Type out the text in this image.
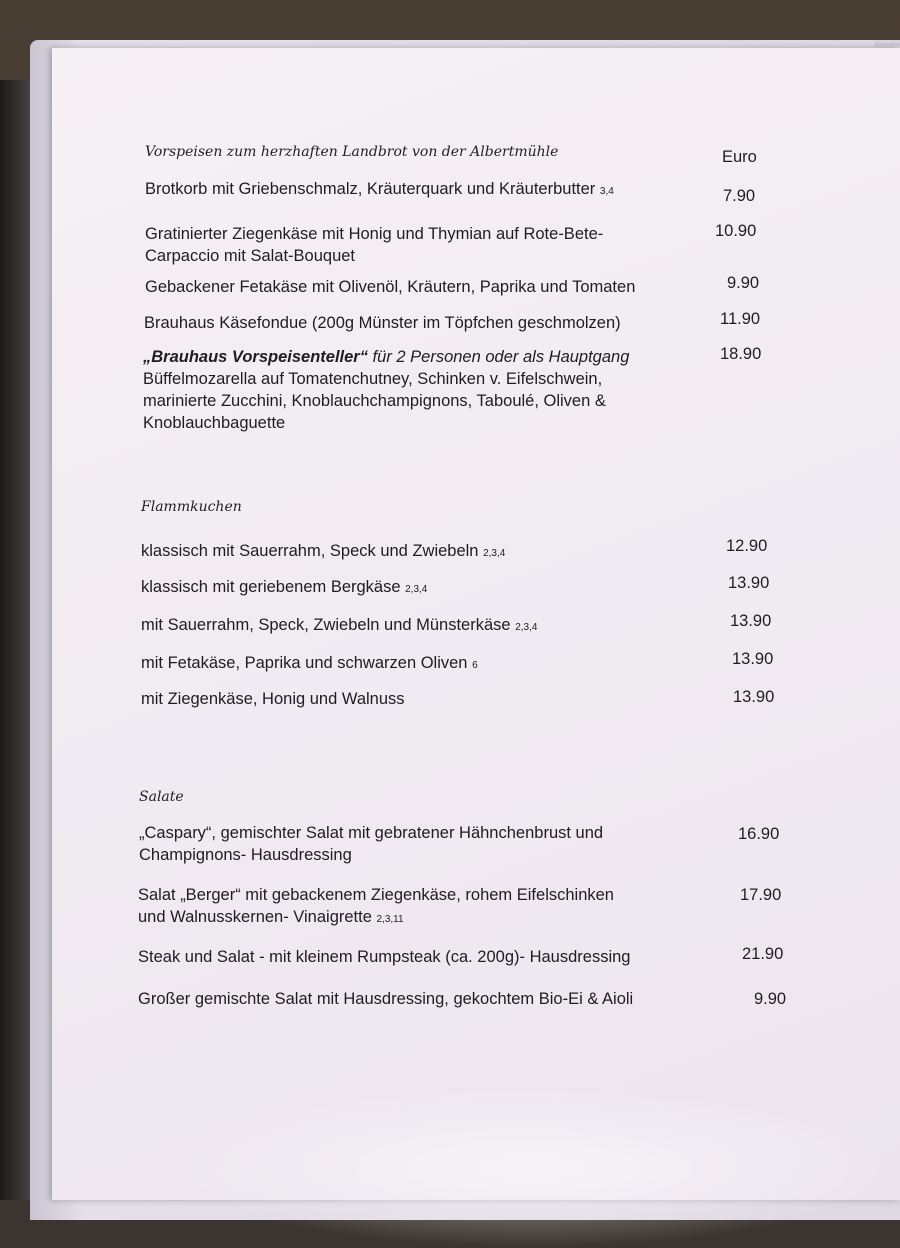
Vorspeisen zum herzhaften Landbrot von der Albertmühle	Euro
Brotkorb mit Griebenschmalz, Kräuterquark und Kräuterbutter 3,4	7.90
Gratinierter Ziegenkäse mit Honig und Thymian auf Rote-Bete-
Carpaccio mit Salat-Bouquet
10.90
Gebackener Fetakäse mit Olivenöl, Kräutern, Paprika und Tomaten	9.90
Brauhaus Käsefondue (200g Münster im Töpfchen geschmolzen)	11.90
„Brauhaus Vorspeisenteller“ für 2 Personen oder als Hauptgang
Büffelmozarella auf Tomatenchutney, Schinken v. Eifelschwein,
marinierte Zucchini, Knoblauchchampignons, Taboulé, Oliven &
Knoblauchbaguette
18.90
Flammkuchen
klassisch mit Sauerrahm, Speck und Zwiebeln 2,3,4	12.90
klassisch mit geriebenem Bergkäse 2,3,4	13.90
mit Sauerrahm, Speck, Zwiebeln und Münsterkäse 2,3,4	13.90
mit Fetakäse, Paprika und schwarzen Oliven 6	13.90
mit Ziegenkäse, Honig und Walnuss	13.90
Salate
„Caspary“, gemischter Salat mit gebratener Hähnchenbrust und
Champignons- Hausdressing
16.90
Salat „Berger“ mit gebackenem Ziegenkäse, rohem Eifelschinken
und Walnusskernen- Vinaigrette 2,3,11
17.90
Steak und Salat - mit kleinem Rumpsteak (ca. 200g)- Hausdressing	21.90
Großer gemischte Salat mit Hausdressing, gekochtem Bio-Ei & Aioli	9.90
